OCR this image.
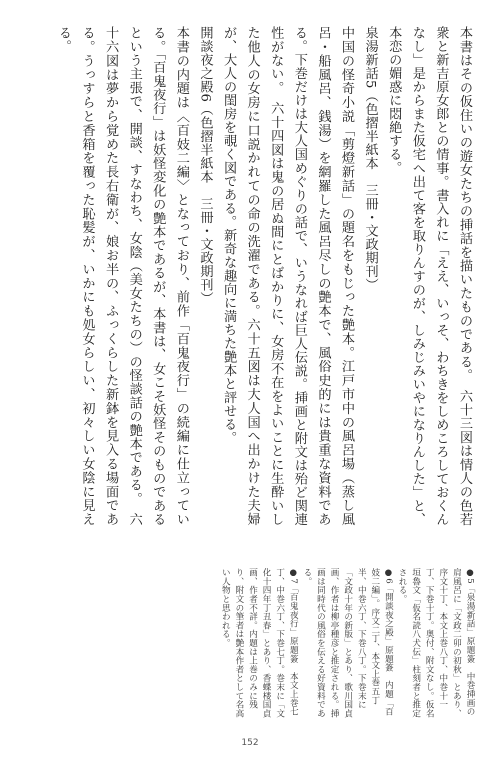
本書はその仮住いの遊女たちの挿話を描いたものである。　六十三図は情人の色若衆と新吉原女郎との情事。書入れに「ええ、いっそ、わちきをしめころしておくんなし」是からまた仮宅へ出て客を取りんすのが、しみじみいやになりんした」と、本恋の媚惑に悶絶する。

泉湯新話5（色摺半紙本　三冊・文政期刊）

中国の怪奇小説「剪燈新話」の題名をもじった艶本。江戸市中の風呂場（蒸し風呂・船風呂、銭湯）を網羅した風呂尽しの艶本で、風俗史的には貴重な資料である。下巻だけは大人国めぐりの話で、いうなれば巨人伝説。挿画と附文は殆ど関連性がない。　六十四図は鬼の居ぬ間にとばかりに、女房不在をよいことに生酔いした他人の女房に口説かれての命の洗濯である。六十五図は大人国へ出かけた夫婦が、大人の閨房を覗く図である。新奇な趣向に満ちた艶本と評せる。

開談夜之殿6（色摺半紙本　三冊・文政期刊）

本書の内題は〈百妓二編〉となっており、前作「百鬼夜行」の続編に仕立っている。「百鬼夜行」は妖怪変化の艶本であるが、本書は、女こそ妖怪そのものであるという主張で、開談、すなわち、女陰（美女たちの）の怪談話の艶本である。　六十六図は夢から覚めた長右衛が、娘お半の、ふっくらした新鉢を見入る場面である。うっすらと香箱を覆った恥髪が、いかにも処女らしい、初々しい女陰に見える。

●5「泉湯新話」原題簽　中巻挿画の肩風呂に「文政二卯の初秋」とあり、序文十丁、本文上巻八丁、中巻十一丁、下巻十丁。奥付、附文なし。仮名垣魯文「仮名読八犬伝」柱刻者と推定される。

●6「開談夜之殿」原題簽　内題「百妓二編」。序文二丁、本文上巻五丁半、中巻六丁、下巻八丁。下巻末に「文政十年の新版」とあり、歌川国貞画、作者は柳亭種彦と推定される。挿画は同時代の風俗を伝える好資料である。

●7「百鬼夜行」原題簽　本文上巻七丁、中巻六丁、下巻七丁。巻末に「文化十四年丁丑春」とあり、香蝶楼国貞画、作者不詳。内題は上巻のみに残り、附文の筆者は艶本作者として名高い人物と思われる。

152
